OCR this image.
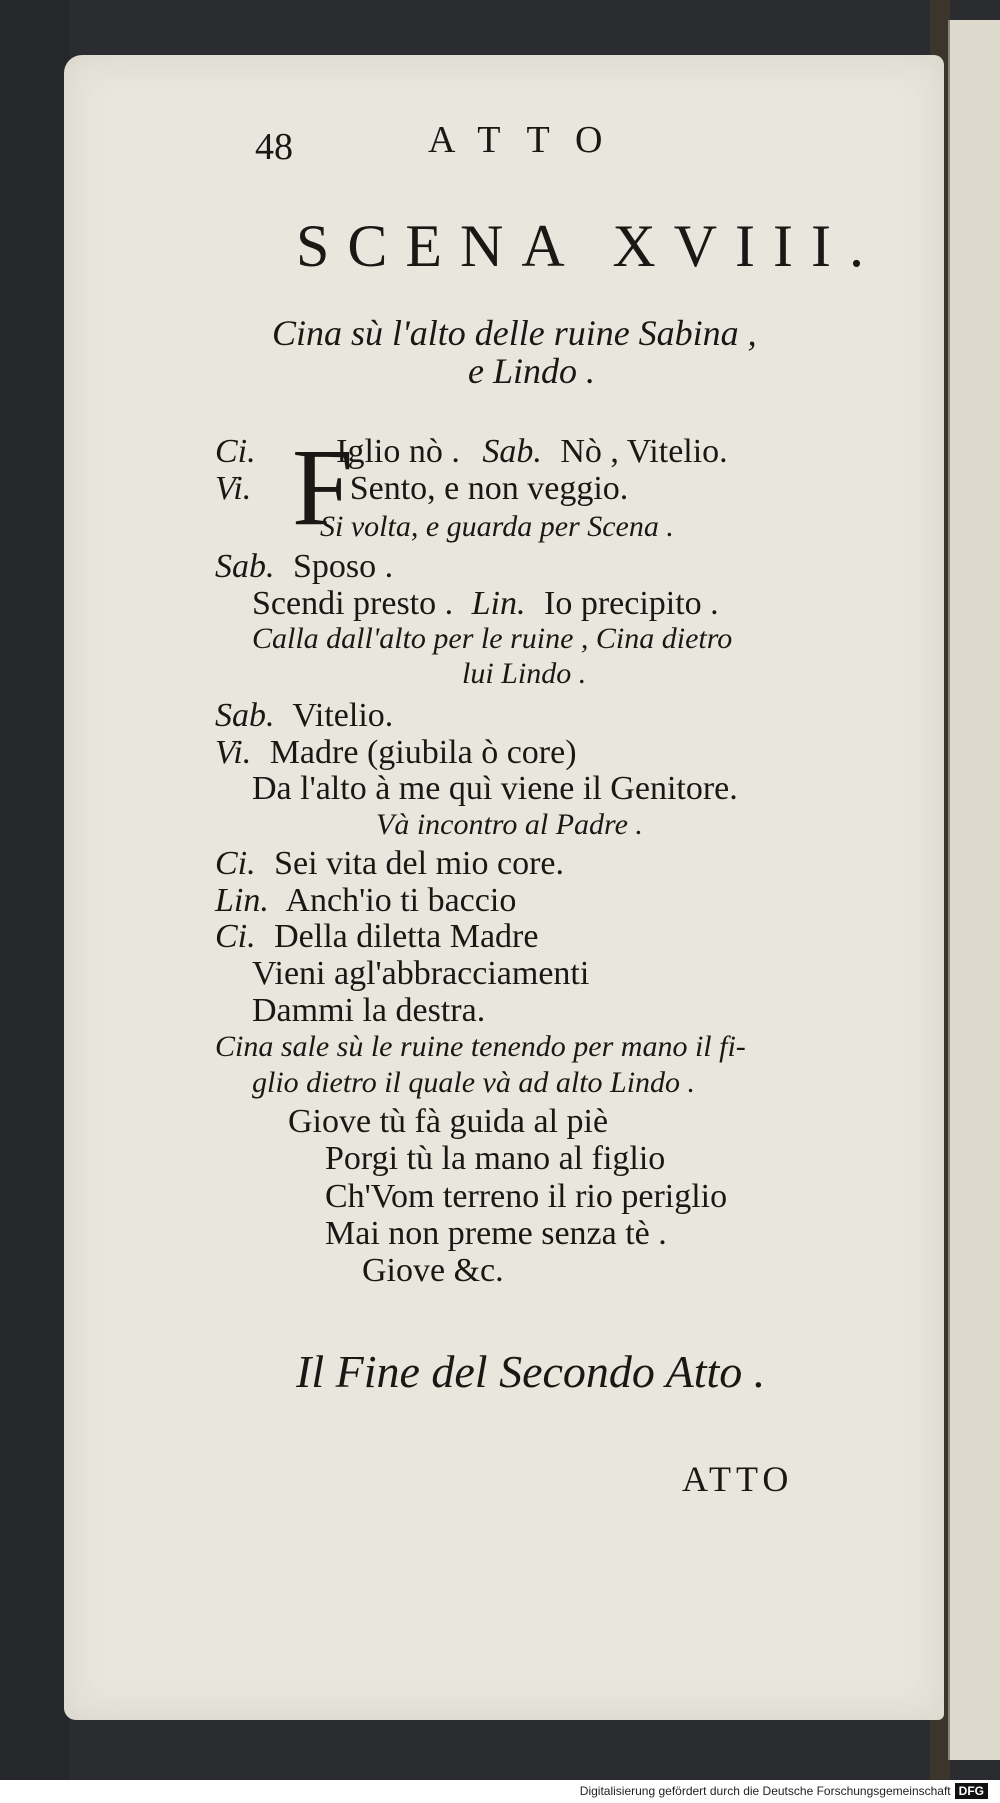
48	ATTO
SCENA XVIII.
Cina sù l'alto delle ruine Sabina ,
e Lindo .
F
Ci. Iglio nò . Sab. Nò , Vitelio.
Vi.	Sento, e non veggio.
Si volta, e guarda per Scena .
Sab. Sposo .
Scendi presto . Lin. Io precipito .
Calla dall'alto per le ruine , Cina dietro
lui Lindo .
Sab. Vitelio.
Vi. Madre (giubila ò core)
Da l'alto à me quì viene il Genitore.
Và incontro al Padre .
Ci. Sei vita del mio core.
Lin. Anch'io ti baccio
Ci. Della diletta Madre
Vieni agl'abbracciamenti
Dammi la destra.
Cina sale sù le ruine tenendo per mano il fi-
glio dietro il quale và ad alto Lindo .
Giove tù fà guida al piè
Porgi tù la mano al figlio
Ch'Vom terreno il rio periglio
Mai non preme senza tè .
Giove &c.
Il Fine del Secondo Atto .
ATTO
Digitalisierung gefördert durch die Deutsche Forschungsgemeinschaft DFG
